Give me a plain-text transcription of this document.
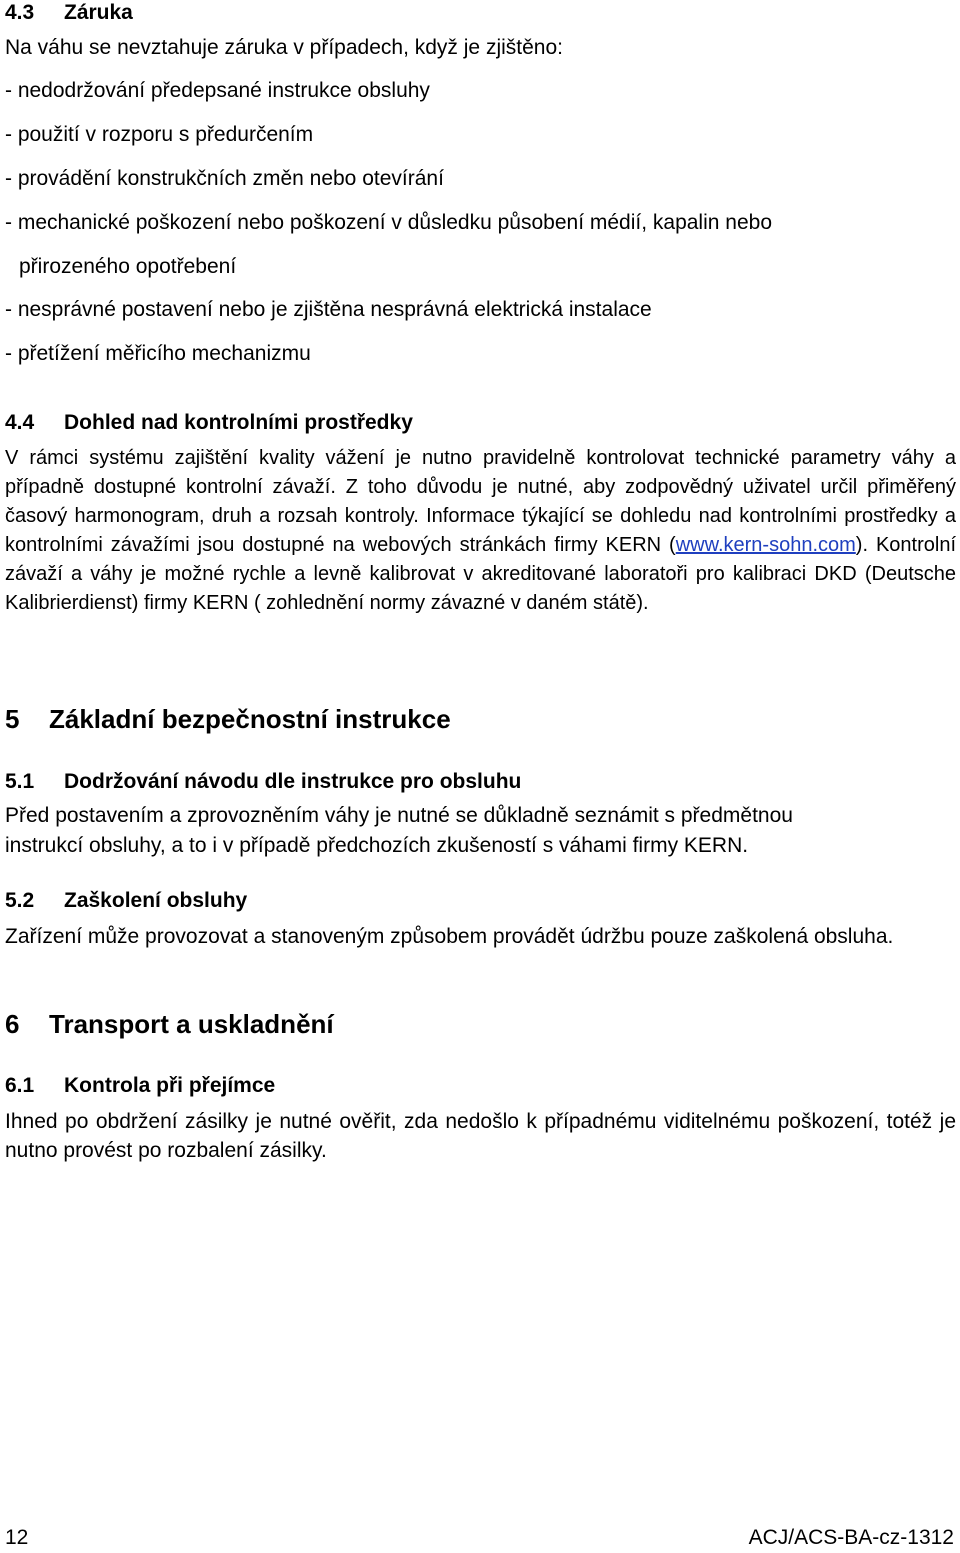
4.3 Záruka
Na váhu se nevztahuje záruka v případech, když je zjištěno:
- nedodržování předepsané instrukce obsluhy
- použití v rozporu s předurčením
- provádění konstrukčních změn nebo otevírání
- mechanické poškození nebo poškození v důsledku působení médií, kapalin nebo
přirozeného opotřebení
- nesprávné postavení nebo je zjištěna nesprávná elektrická instalace
- přetížení měřicího mechanizmu
4.4 Dohled nad kontrolními prostředky
V rámci systému zajištění kvality vážení je nutno pravidelně kontrolovat technické parametry váhy a případně dostupné kontrolní závaží. Z toho důvodu je nutné, aby zodpovědný uživatel určil přiměřený časový harmonogram, druh a rozsah kontroly. Informace týkající se dohledu nad kontrolními prostředky a kontrolními závažími jsou dostupné na webových stránkách firmy KERN (www.kern-sohn.com). Kontrolní závaží a váhy je možné rychle a levně kalibrovat v akreditované laboratoři pro kalibraci DKD (Deutsche Kalibrierdienst) firmy KERN ( zohlednění normy závazné v daném státě).
5 Základní bezpečnostní instrukce
5.1 Dodržování návodu dle instrukce pro obsluhu
Před postavením a zprovozněním váhy je nutné se důkladně seznámit s předmětnou
instrukcí obsluhy, a to i v případě předchozích zkušeností s váhami firmy KERN.
5.2 Zaškolení obsluhy
Zařízení může provozovat a stanoveným způsobem provádět údržbu pouze zaškolená obsluha.
6 Transport a uskladnění
6.1 Kontrola při přejímce
Ihned po obdržení zásilky je nutné ověřit, zda nedošlo k případnému viditelnému poškození, totéž je nutno provést po rozbalení zásilky.
12	ACJ/ACS-BA-cz-1312
